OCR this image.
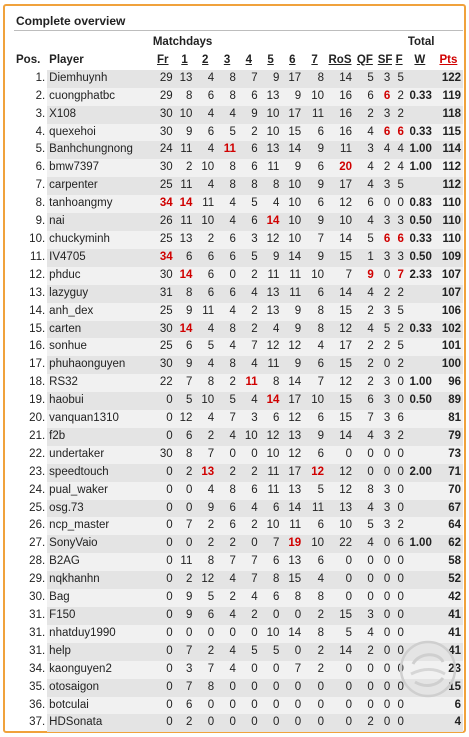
Complete overview
		Matchdays												Total	
Pos.	Player	Fr	1	2	3	4	5	6	7	RoS	QF	SF	F	W	Pts
1.	Diemhuynh	29	13	4	8	7	9	17	8	14	5	3	5		122
2.	cuongphatbc	29	8	6	8	6	13	9	10	16	6	6	2	0.33	119
3.	X108	30	10	4	4	9	10	17	11	16	2	3	2		118
4.	quexehoi	30	9	6	5	2	10	15	6	16	4	6	6	0.33	115
5.	Banhchungnong	24	11	4	11	6	13	14	9	11	3	4	4	1.00	114
6.	bmw7397	30	2	10	8	6	11	9	6	20	4	2	4	1.00	112
7.	carpenter	25	11	4	8	8	8	10	9	17	4	3	5		112
8.	tanhoangmy	34	14	11	4	5	4	10	6	12	6	0	0	0.83	110
9.	nai	26	11	10	4	6	14	10	9	10	4	3	3	0.50	110
10.	chuckyminh	25	13	2	6	3	12	10	7	14	5	6	6	0.33	110
11.	IV4705	34	6	6	6	5	9	14	9	15	1	3	3	0.50	109
12.	phduc	30	14	6	0	2	11	11	10	7	9	0	7	2.33	107
13.	lazyguy	31	8	6	6	4	13	11	6	14	4	2	2		107
14.	anh_dex	25	9	11	4	2	13	9	8	15	2	3	5		106
15.	carten	30	14	4	8	2	4	9	8	12	4	5	2	0.33	102
16.	sonhue	25	6	5	4	7	12	12	4	17	2	2	5		101
17.	phuhaonguyen	30	9	4	8	4	11	9	6	15	2	0	2		100
18.	RS32	22	7	8	2	11	8	14	7	12	2	3	0	1.00	96
19.	haobui	0	5	10	5	4	14	17	10	15	6	3	0	0.50	89
20.	vanquan1310	0	12	4	7	3	6	12	6	15	7	3	6		81
21.	f2b	0	6	2	4	10	12	13	9	14	4	3	2		79
22.	undertaker	30	8	7	0	0	10	12	6	0	0	0	0		73
23.	speedtouch	0	2	13	2	2	11	17	12	12	0	0	0	2.00	71
24.	pual_waker	0	0	4	8	6	11	13	5	12	8	3	0		70
25.	osg.73	0	0	9	6	4	6	14	11	13	4	3	0		67
26.	ncp_master	0	7	2	6	2	10	11	6	10	5	3	2		64
27.	SonyVaio	0	0	2	2	0	7	19	10	22	4	0	6	1.00	62
28.	B2AG	0	11	8	7	7	6	13	6	0	0	0	0		58
29.	nqkhanhn	0	2	12	4	7	8	15	4	0	0	0	0		52
30.	Bag	0	9	5	2	4	6	8	8	0	0	0	0		42
31.	F150	0	9	6	4	2	0	0	2	15	3	0	0		41
31.	nhatduy1990	0	0	0	0	0	10	14	8	5	4	0	0		41
31.	help	0	7	2	4	5	5	0	2	14	2	0	0		41
34.	kaonguyen2	0	3	7	4	0	0	7	2	0	0	0	0		23
35.	otosaigon	0	7	8	0	0	0	0	0	0	0	0	0		15
36.	botculai	0	6	0	0	0	0	0	0	0	0	0	0		6
37.	HDSonata	0	2	0	0	0	0	0	0	0	2	0	0		4
